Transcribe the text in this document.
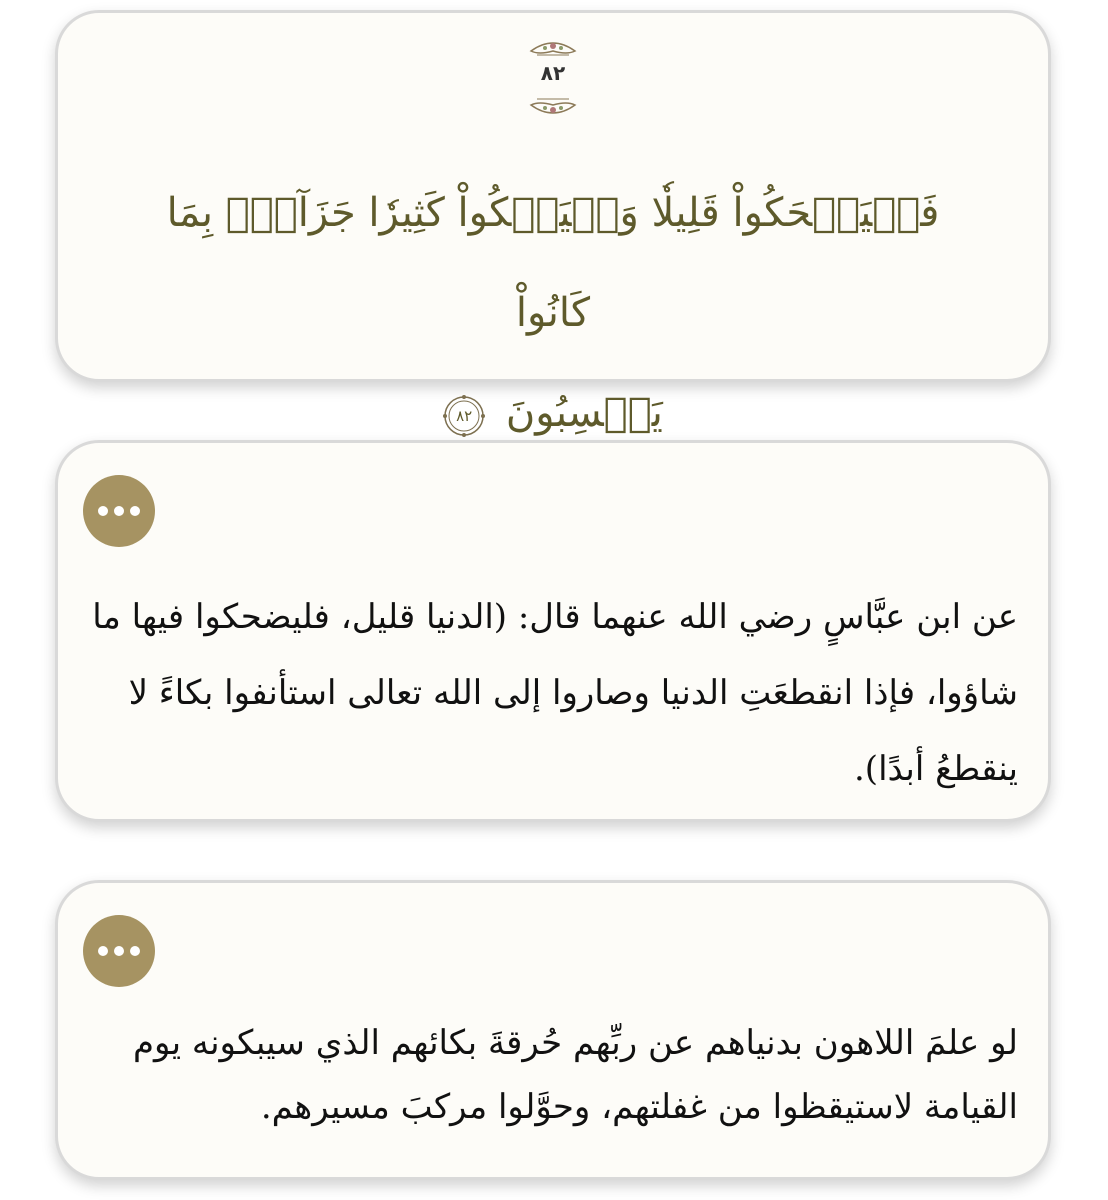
٨٢
فَلۡيَضۡحَكُواْ قَلِيلٗا وَلۡيَبۡكُواْ كَثِيرٗا جَزَآءَۢ بِمَا كَانُواْ
يَكۡسِبُونَ
٨٢
عن ابن عبَّاسٍ رضي الله عنهما قال: (الدنيا قليل، فليضحكوا فيها ما شاؤوا، فإذا انقطعَتِ الدنيا وصاروا إلى الله تعالى استأنفوا بكاءً لا ينقطعُ أبدًا).
لو علمَ اللاهون بدنياهم عن ربِّهم حُرقةَ بكائهم الذي سيبكونه يوم القيامة لاستيقظوا من غفلتهم، وحوَّلوا مركبَ مسيرهم.
